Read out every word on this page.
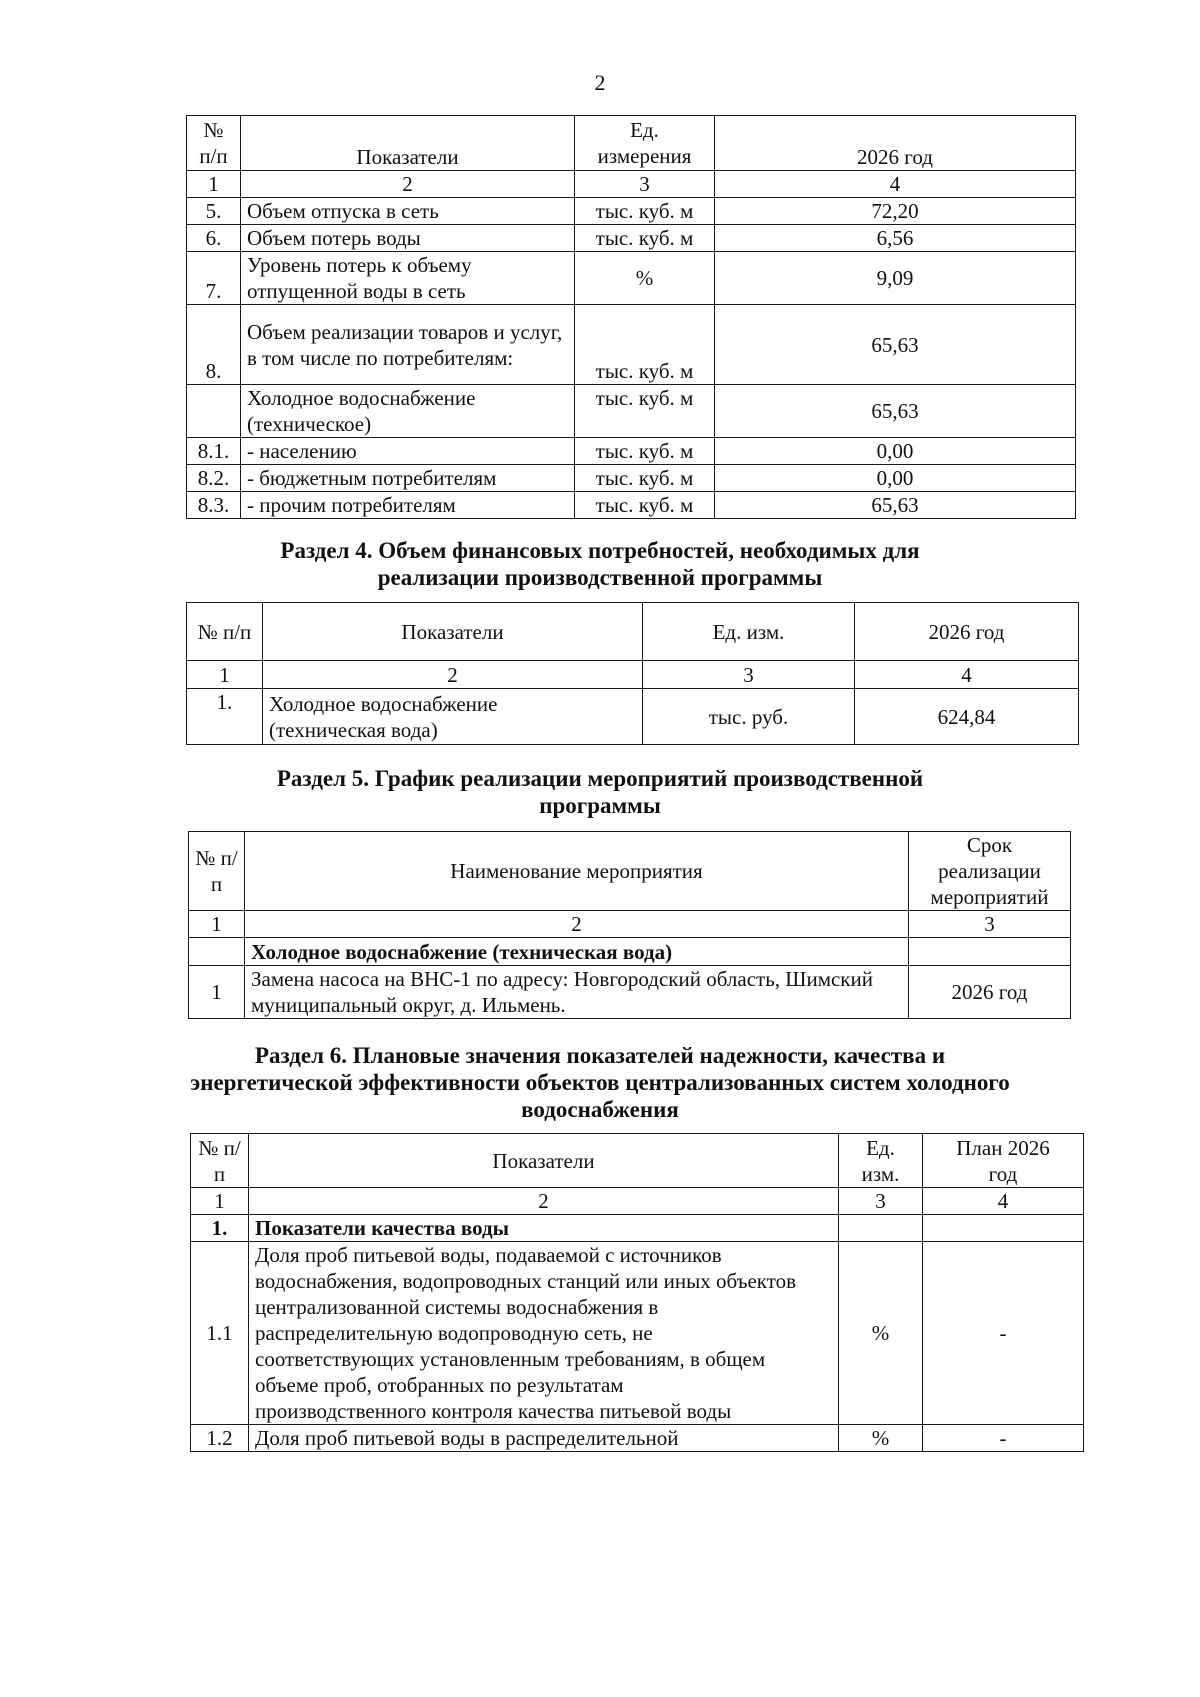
2
№ п/п	Показатели	Ед. измерения	2026 год
1	2	3	4
5.	Объем отпуска в сеть	тыс. куб. м	72,20
6.	Объем потерь воды	тыс. куб. м	6,56
7.	Уровень потерь к объему отпущенной воды в сеть	%	9,09
8.	Объем реализации товаров и услуг, в том числе по потребителям:	тыс. куб. м	65,63
	Холодное водоснабжение (техническое)	тыс. куб. м	65,63
8.1.	- населению	тыс. куб. м	0,00
8.2.	- бюджетным потребителям	тыс. куб. м	0,00
8.3.	- прочим потребителям	тыс. куб. м	65,63
Раздел 4. Объем финансовых потребностей, необходимых для реализации производственной программы
№ п/п	Показатели	Ед. изм.	2026 год
1	2	3	4
1.	Холодное водоснабжение (техническая вода)	тыс. руб.	624,84
Раздел 5. График реализации мероприятий производственной программы
№ п/п	Наименование мероприятия	Срок реализации мероприятий
1	2	3
	Холодное водоснабжение (техническая вода)	
1	Замена насоса на ВНС-1 по адресу: Новгородский область, Шимский муниципальный округ, д. Ильмень.	2026 год
Раздел 6. Плановые значения показателей надежности, качества и энергетической эффективности объектов централизованных систем холодного водоснабжения
№ п/п	Показатели	Ед. изм.	План 2026 год
1	2	3	4
1.	Показатели качества воды		
1.1	Доля проб питьевой воды, подаваемой с источников водоснабжения, водопроводных станций или иных объектов централизованной системы водоснабжения в распределительную водопроводную сеть, не соответствующих установленным требованиям, в общем объеме проб, отобранных по результатам производственного контроля качества питьевой воды	%	-
1.2	Доля проб питьевой воды в распределительной	%	-
